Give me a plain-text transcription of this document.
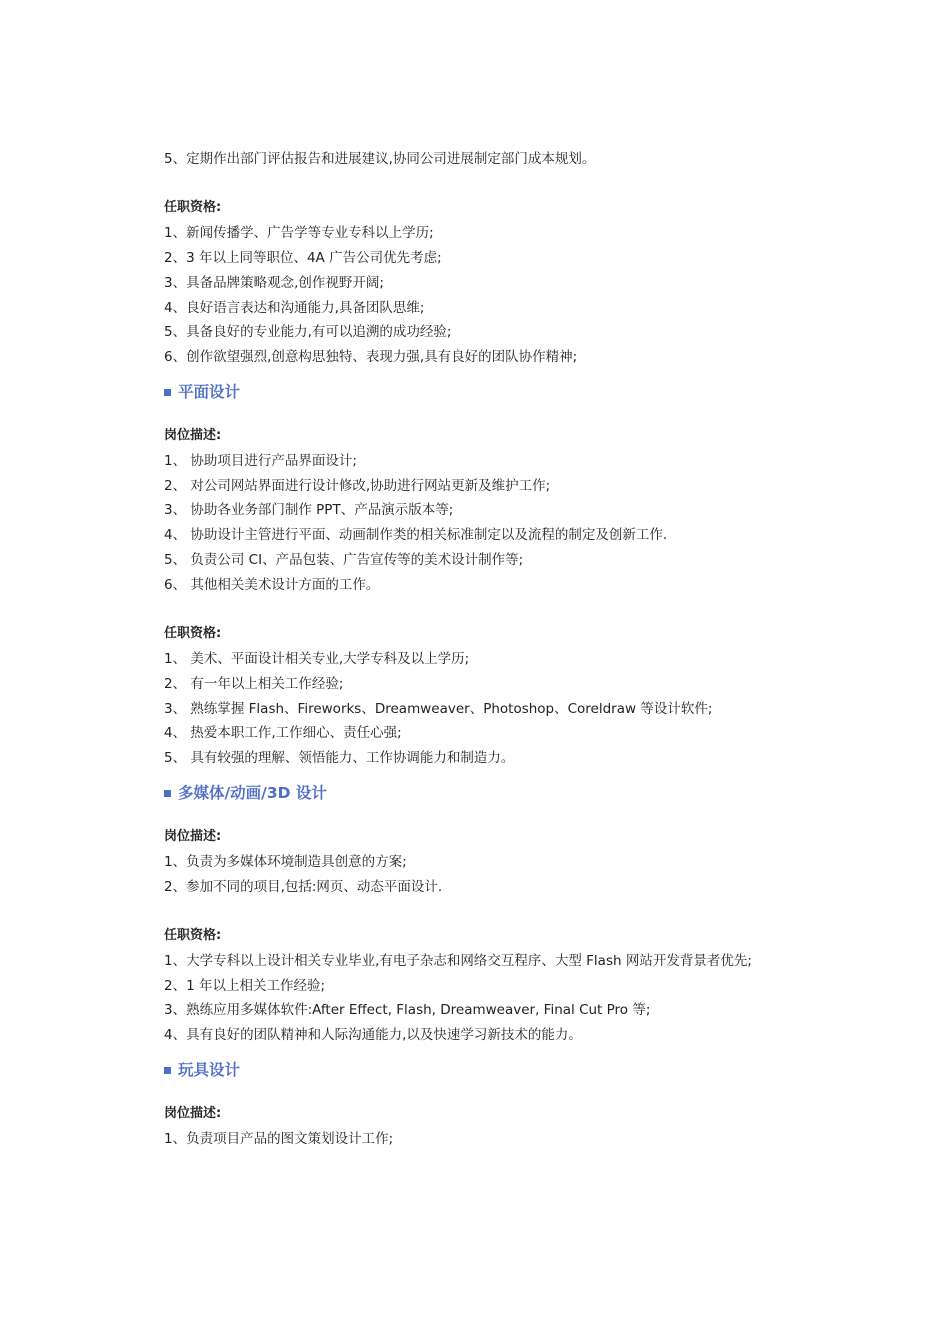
5、定期作出部门评估报告和进展建议,协同公司进展制定部门成本规划。

任职资格:

1、新闻传播学、广告学等专业专科以上学历;

2、3 年以上同等职位、4A 广告公司优先考虑;

3、具备品牌策略观念,创作视野开阔;

4、良好语言表达和沟通能力,具备团队思维;

5、具备良好的专业能力,有可以追溯的成功经验;

6、创作欲望强烈,创意构思独特、表现力强,具有良好的团队协作精神;

平面设计

岗位描述:

1、 协助项目进行产品界面设计;

2、 对公司网站界面进行设计修改,协助进行网站更新及维护工作;

3、 协助各业务部门制作 PPT、产品演示版本等;

4、 协助设计主管进行平面、动画制作类的相关标准制定以及流程的制定及创新工作.

5、 负责公司 CI、产品包装、广告宣传等的美术设计制作等;

6、 其他相关美术设计方面的工作。

任职资格:

1、 美术、平面设计相关专业,大学专科及以上学历;

2、 有一年以上相关工作经验;

3、 熟练掌握 Flash、Fireworks、Dreamweaver、Photoshop、Coreldraw 等设计软件;

4、 热爱本职工作,工作细心、责任心强;

5、 具有较强的理解、领悟能力、工作协调能力和制造力。

多媒体/动画/3D 设计

岗位描述:

1、负责为多媒体环境制造具创意的方案;

2、参加不同的项目,包括:网页、动态平面设计.

任职资格:

1、大学专科以上设计相关专业毕业,有电子杂志和网络交互程序、大型 Flash 网站开发背景者优先;

2、1 年以上相关工作经验;

3、熟练应用多媒体软件:After Effect, Flash, Dreamweaver, Final Cut Pro 等;

4、具有良好的团队精神和人际沟通能力,以及快速学习新技术的能力。

玩具设计

岗位描述:

1、负责项目产品的图文策划设计工作;
